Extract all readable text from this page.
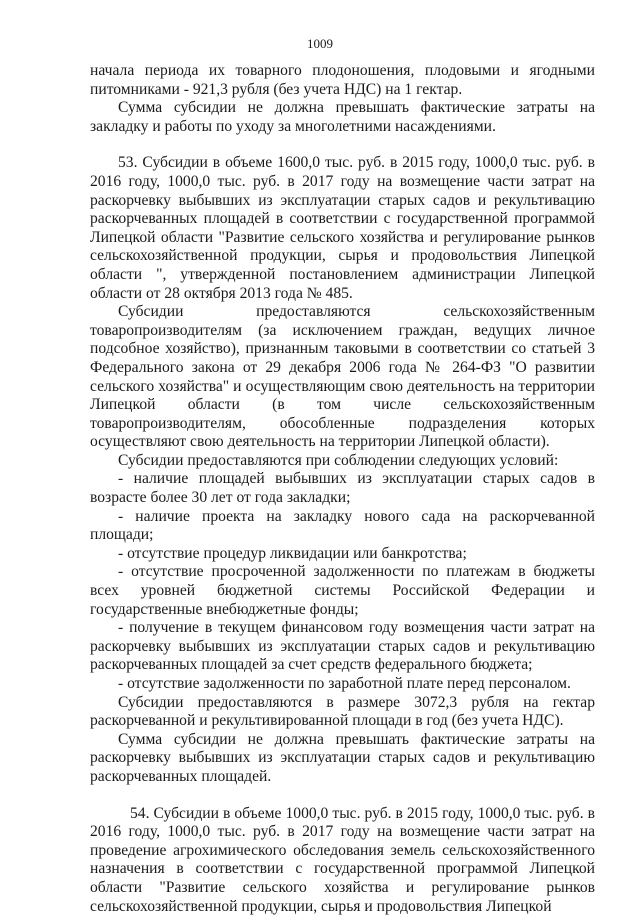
1009

начала периода их товарного плодоношения, плодовыми и ягодными питомниками - 921,3 рубля (без учета НДС) на 1 гектар.

Сумма субсидии не должна превышать фактические затраты на закладку и работы по уходу за многолетними насаждениями.

53. Субсидии в объеме 1600,0 тыс. руб. в 2015 году, 1000,0 тыс. руб. в 2016 году, 1000,0 тыс. руб. в 2017 году на возмещение части затрат на раскорчевку выбывших из эксплуатации старых садов и рекультивацию раскорчеванных площадей в соответствии с государственной программой Липецкой области "Развитие сельского хозяйства и регулирование рынков сельскохозяйственной продукции, сырья и продовольствия Липецкой области ", утвержденной постановлением администрации Липецкой области от 28 октября 2013 года № 485.

Субсидии предоставляются сельскохозяйственным товаропроизводителям (за исключением граждан, ведущих личное подсобное хозяйство), признанным таковыми в соответствии со статьей 3 Федерального закона от 29 декабря 2006 года № 264-ФЗ "О развитии сельского хозяйства" и осуществляющим свою деятельность на территории Липецкой области (в том числе сельскохозяйственным товаропроизводителям, обособленные подразделения которых осуществляют свою деятельность на территории Липецкой области).

Субсидии предоставляются при соблюдении следующих условий:

- наличие площадей выбывших из эксплуатации старых садов в возрасте более 30 лет от года закладки;

- наличие проекта на закладку нового сада на раскорчеванной площади;

- отсутствие процедур ликвидации или банкротства;

- отсутствие просроченной задолженности по платежам в бюджеты всех уровней бюджетной системы Российской Федерации и государственные внебюджетные фонды;

- получение в текущем финансовом году возмещения части затрат на раскорчевку выбывших из эксплуатации старых садов и рекультивацию раскорчеванных площадей за счет средств федерального бюджета;

- отсутствие задолженности по заработной плате перед персоналом.

Субсидии предоставляются в размере 3072,3 рубля на гектар раскорчеванной и рекультивированной площади в год (без учета НДС).

Сумма субсидии не должна превышать фактические затраты на раскорчевку выбывших из эксплуатации старых садов и рекультивацию раскорчеванных площадей.

54. Субсидии в объеме 1000,0 тыс. руб. в 2015 году, 1000,0 тыс. руб. в 2016 году, 1000,0 тыс. руб. в 2017 году на возмещение части затрат на проведение агрохимического обследования земель сельскохозяйственного назначения в соответствии с государственной программой Липецкой области "Развитие сельского хозяйства и регулирование рынков сельскохозяйственной продукции, сырья и продовольствия Липецкой
